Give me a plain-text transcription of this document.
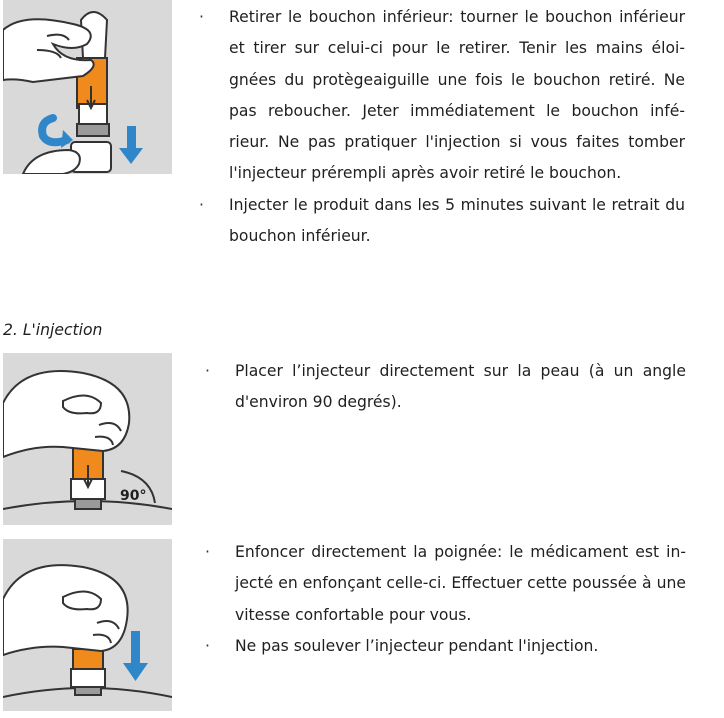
· Retirer le bouchon inférieur: tourner le bouchon inférieur et tirer sur celui-ci pour le retirer. Tenir les mains éloi-gnées du protègeaiguille une fois le bouchon retiré. Ne pas reboucher. Jeter immédiatement le bouchon infé-rieur. Ne pas pratiquer l'injection si vous faites tomber l'injecteur prérempli après avoir retiré le bouchon.
· Injecter le produit dans les 5 minutes suivant le retrait du bouchon inférieur.
2. L'injection
90°
· Placer l’injecteur directement sur la peau (à un angle d'environ 90 degrés).
· Enfoncer directement la poignée: le médicament est in-jecté en enfonçant celle-ci. Effectuer cette poussée à une vitesse confortable pour vous.
· Ne pas soulever l’injecteur pendant l'injection.
